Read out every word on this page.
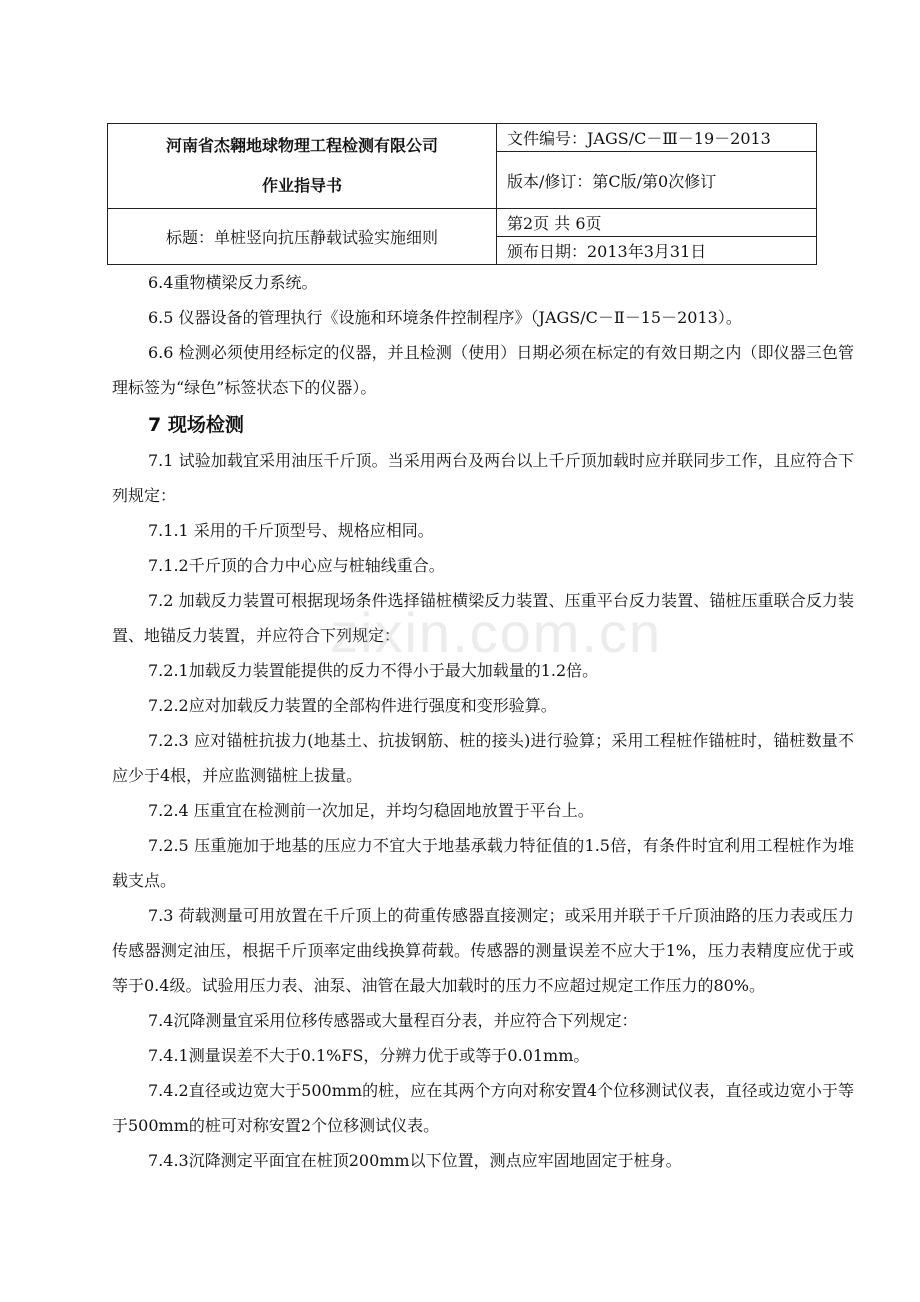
河南省杰翱地球物理工程检测有限公司
作业指导书	文件编号：JAGS/C－Ⅲ－19－2013
	版本/修订：第C版/第0次修订
标题：单桩竖向抗压静载试验实施细则	第2页 共 6页
	颁布日期：2013年3月31日

6.4重物横梁反力系统。

6.5 仪器设备的管理执行《设施和环境条件控制程序》（JAGS/C－Ⅱ－15－2013）。

6.6 检测必须使用经标定的仪器，并且检测（使用）日期必须在标定的有效日期之内（即仪器三色管理标签为“绿色”标签状态下的仪器）。

7 现场检测

7.1 试验加载宜采用油压千斤顶。当采用两台及两台以上千斤顶加载时应并联同步工作，且应符合下列规定：

7.1.1 采用的千斤顶型号、规格应相同。

7.1.2千斤顶的合力中心应与桩轴线重合。

7.2 加载反力装置可根据现场条件选择锚桩横梁反力装置、压重平台反力装置、锚桩压重联合反力装置、地锚反力装置，并应符合下列规定：

7.2.1加载反力装置能提供的反力不得小于最大加载量的1.2倍。

7.2.2应对加载反力装置的全部构件进行强度和变形验算。

7.2.3 应对锚桩抗拔力(地基土、抗拔钢筋、桩的接头)进行验算；采用工程桩作锚桩时，锚桩数量不应少于4根，并应监测锚桩上拔量。

7.2.4 压重宜在检测前一次加足，并均匀稳固地放置于平台上。

7.2.5 压重施加于地基的压应力不宜大于地基承载力特征值的1.5倍，有条件时宜利用工程桩作为堆载支点。

7.3 荷载测量可用放置在千斤顶上的荷重传感器直接测定；或采用并联于千斤顶油路的压力表或压力传感器测定油压，根据千斤顶率定曲线换算荷载。传感器的测量误差不应大于1%，压力表精度应优于或等于0.4级。试验用压力表、油泵、油管在最大加载时的压力不应超过规定工作压力的80%。

7.4沉降测量宜采用位移传感器或大量程百分表，并应符合下列规定：

7.4.1测量误差不大于0.1%FS，分辨力优于或等于0.01mm。

7.4.2直径或边宽大于500mm的桩，应在其两个方向对称安置4个位移测试仪表，直径或边宽小于等于500mm的桩可对称安置2个位移测试仪表。

7.4.3沉降测定平面宜在桩顶200mm以下位置，测点应牢固地固定于桩身。

zixin.com.cn
